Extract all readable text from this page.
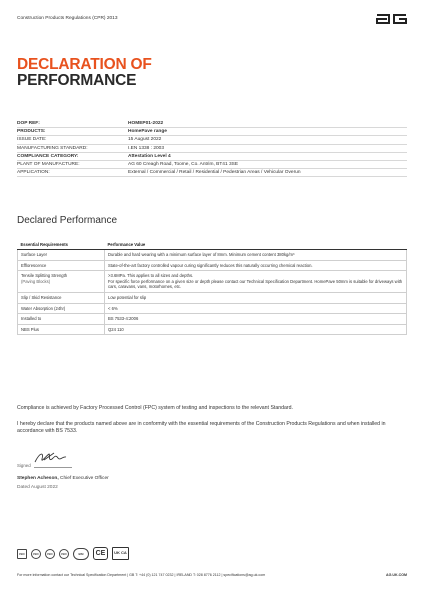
Construction Products Regulations (CPR) 2013
DECLARATION OF
PERFORMANCE
DOP REF:	HOMEP01-2022
PRODUCTS:	HomePave range
ISSUE DATE:	15 August 2022
MANUFACTURING STANDARD:	I.EN 1338 : 2003
COMPLIANCE CATEGORY:	Attestation Level 4
PLANT OF MANUFACTURE:	AG 60 Creagh Road, Toome, Co. Antrim, BT41 3SE
APPLICATION:	External / Commercial / Retail / Residential / Pedestrian Areas / Vehicular Overun
Declared Performance
Essential Requirements	Performance Value
Surface Layer	Durable and hard wearing with a minimum surface layer of 8mm. Minimum cement content 380kg/m³

Efflorescence	State-of-the-art factory controlled vapour curing significantly reduces this naturally occurring chemical reaction.

Tensile Splitting Strength
(Paving Blocks)	>3.6MPa. This applies to all sizes and depths.
For specific force performance on a given size or depth please contact our Technical Specification Department. HomePave 50mm is suitable for driveways with cars, caravans, vans, motorhomes, etc.

Slip / Skid Resistance	Low potential for slip

Water Absorption (24hr)	< 6%

Installed to	BS 7533-4:2006

NBS Plus	Q24 110
Compliance is achieved by Factory Processed Control (FPC) system of testing and inspections to the relevant Standard.
I hereby declare that the products named above are in conformity with the essential requirements of the Construction Products Regulations and when installed in accordance with BS 7533.
Signed
Stephen Acheson, Chief Executive Officer
Dated August 2022
ISO	ISO	ISO	ISO	BSI	CE	UK CA
For more information contact our Technical Specification Department | GB T: +44 (0) 121 747 0232 | IRELAND T: 028 8776 2112 | specifications@ag.uk.com	AG.UK.COM
